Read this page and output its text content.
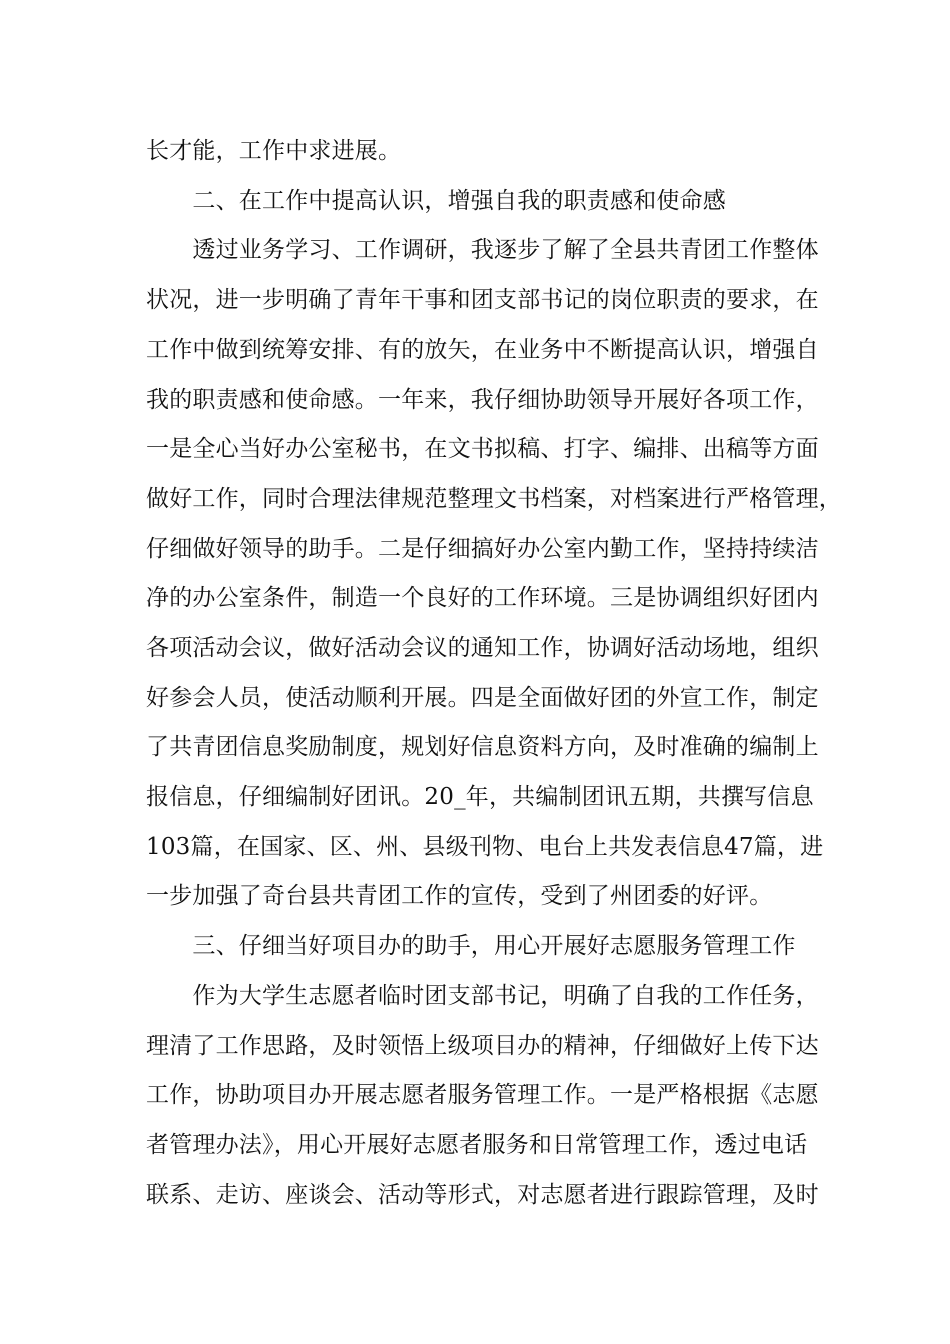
长才能，工作中求进展。
　　二、在工作中提高认识，增强自我的职责感和使命感
　　透过业务学习、工作调研，我逐步了解了全县共青团工作整体
状况，进一步明确了青年干事和团支部书记的岗位职责的要求，在
工作中做到统筹安排、有的放矢，在业务中不断提高认识，增强自
我的职责感和使命感。一年来，我仔细协助领导开展好各项工作，
一是全心当好办公室秘书，在文书拟稿、打字、编排、出稿等方面
做好工作，同时合理法律规范整理文书档案，对档案进行严格管理，
仔细做好领导的助手。二是仔细搞好办公室内勤工作，坚持持续洁
净的办公室条件，制造一个良好的工作环境。三是协调组织好团内
各项活动会议，做好活动会议的通知工作，协调好活动场地，组织
好参会人员，使活动顺利开展。四是全面做好团的外宣工作，制定
了共青团信息奖励制度，规划好信息资料方向，及时准确的编制上
报信息，仔细编制好团讯。20_年，共编制团讯五期，共撰写信息
103篇，在国家、区、州、县级刊物、电台上共发表信息47篇，进
一步加强了奇台县共青团工作的宣传，受到了州团委的好评。
　　三、仔细当好项目办的助手，用心开展好志愿服务管理工作
　　作为大学生志愿者临时团支部书记，明确了自我的工作任务，
理清了工作思路，及时领悟上级项目办的精神，仔细做好上传下达
工作，协助项目办开展志愿者服务管理工作。一是严格根据《志愿
者管理办法》，用心开展好志愿者服务和日常管理工作，透过电话
联系、走访、座谈会、活动等形式，对志愿者进行跟踪管理，及时
